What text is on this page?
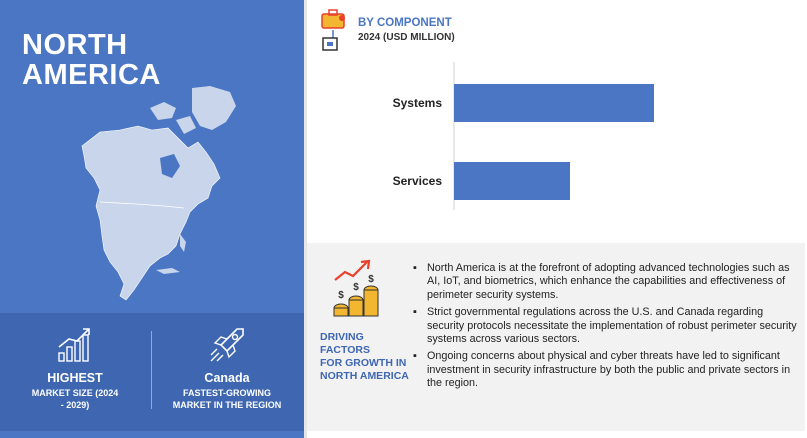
NORTH
AMERICA
HIGHEST
MARKET SIZE (2024 - 2029)
Canada
FASTEST-GROWING
MARKET IN THE REGION
BY COMPONENT
2024 (USD MILLION)
Systems
Services
$
$
$
DRIVING FACTORS
FOR GROWTH IN
NORTH AMERICA
▪ North America is at the forefront of adopting advanced technologies such as AI, IoT, and biometrics, which enhance the capabilities and effectiveness of perimeter security systems.
▪ Strict governmental regulations across the U.S. and Canada regarding security protocols necessitate the implementation of robust perimeter security systems across various sectors.
▪ Ongoing concerns about physical and cyber threats have led to significant investment in security infrastructure by both the public and private sectors in the region.
